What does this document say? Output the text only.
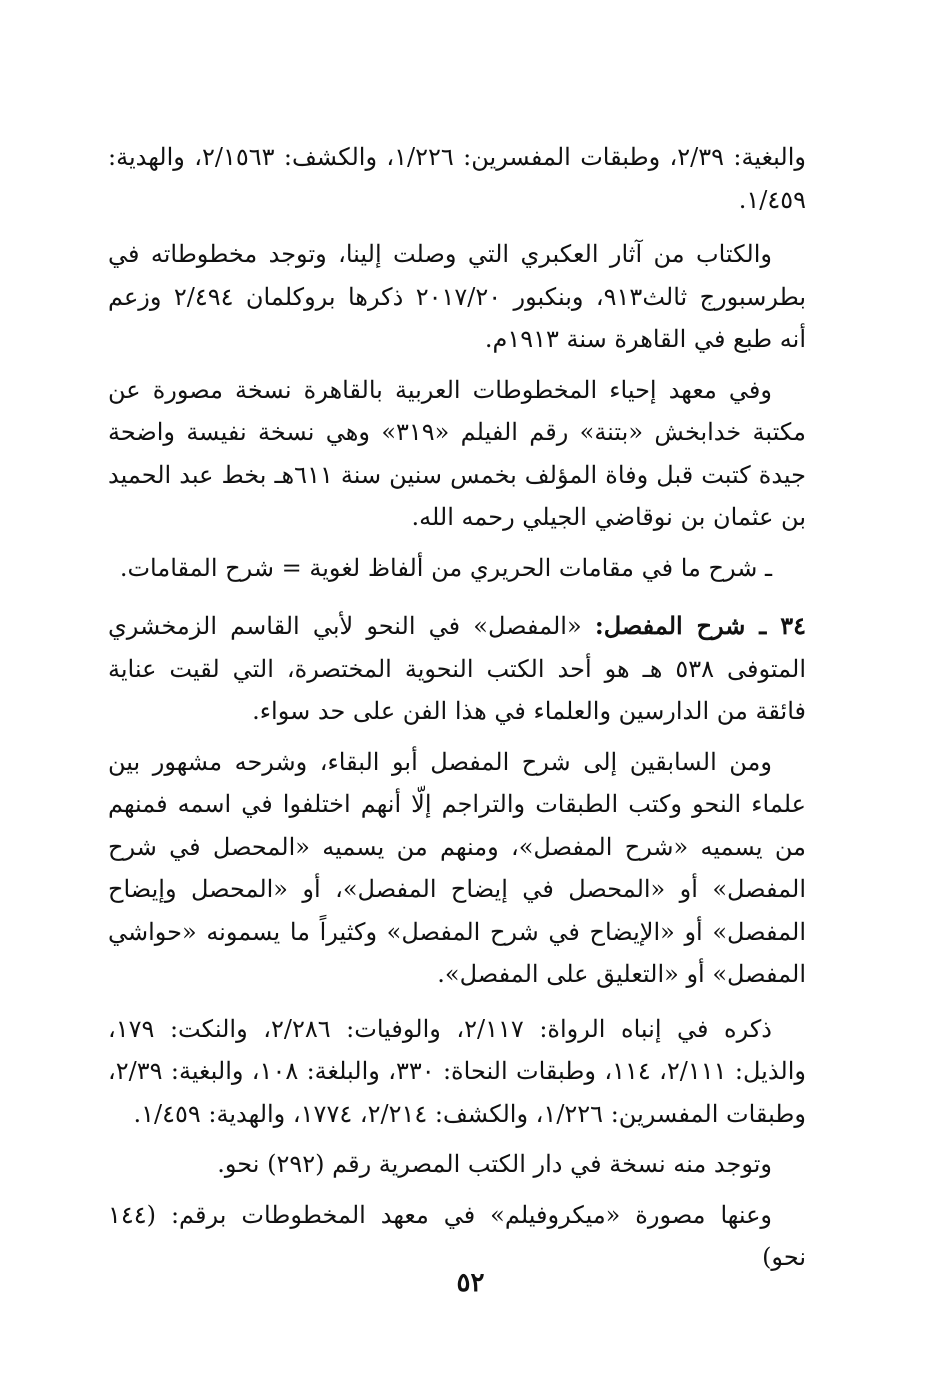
والبغية: ٢/٣٩، وطبقات المفسرين: ١/٢٢٦، والكشف: ٢/١٥٦٣، والهدية: ١/٤٥٩.

والكتاب من آثار العكبري التي وصلت إلينا، وتوجد مخطوطاته في بطرسبورج ثالث٩١٣، وبنكبور ٢٠١٧/٢٠ ذكرها بروكلمان ٢/٤٩٤ وزعم أنه طبع في القاهرة سنة ١٩١٣م.

وفي معهد إحياء المخطوطات العربية بالقاهرة نسخة مصورة عن مكتبة خدابخش «بتنة» رقم الفيلم «٣١٩» وهي نسخة نفيسة واضحة جيدة كتبت قبل وفاة المؤلف بخمس سنين سنة ٦١١هـ بخط عبد الحميد بن عثمان بن نوقاضي الجيلي رحمه الله.

ـ شرح ما في مقامات الحريري من ألفاظ لغوية = شرح المقامات.

٣٤ ـ شرح المفصل: «المفصل» في النحو لأبي القاسم الزمخشري المتوفى ٥٣٨ هـ هو أحد الكتب النحوية المختصرة، التي لقيت عناية فائقة من الدارسين والعلماء في هذا الفن على حد سواء.

ومن السابقين إلى شرح المفصل أبو البقاء، وشرحه مشهور بين علماء النحو وكتب الطبقات والتراجم إلّا أنهم اختلفوا في اسمه فمنهم من يسميه «شرح المفصل»، ومنهم من يسميه «المحصل في شرح المفصل» أو «المحصل في إيضاح المفصل»، أو «المحصل وإيضاح المفصل» أو «الإيضاح في شرح المفصل» وكثيراً ما يسمونه «حواشي المفصل» أو «التعليق على المفصل».

ذكره في إنباه الرواة: ٢/١١٧، والوفيات: ٢/٢٨٦، والنكت: ١٧٩، والذيل: ٢/١١١، ١١٤، وطبقات النحاة: ٣٣٠، والبلغة: ١٠٨، والبغية: ٢/٣٩، وطبقات المفسرين: ١/٢٢٦، والكشف: ٢/٢١٤، ١٧٧٤، والهدية: ١/٤٥٩.

وتوجد منه نسخة في دار الكتب المصرية رقم (٢٩٢) نحو.

وعنها مصورة «ميكروفيلم» في معهد المخطوطات برقم: (١٤٤ نحو)

٥٢
